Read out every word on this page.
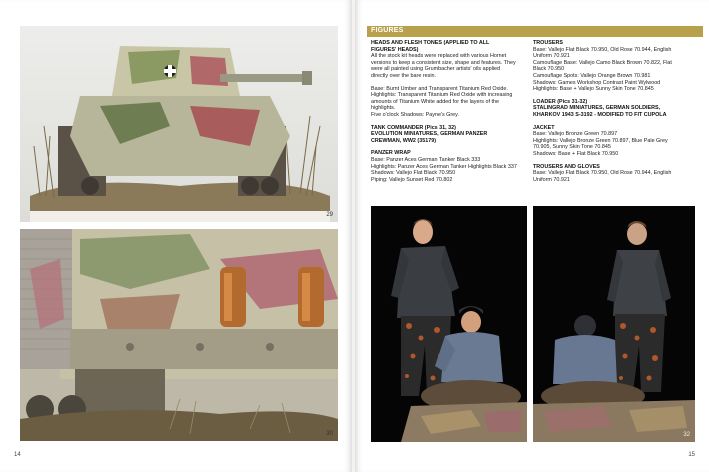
29
30
14
FIGURES

HEADS AND FLESH TONES (APPLIED TO ALL

FIGURES' HEADS)

All the stock kit heads were replaced with various Hornet

versions to keep a consistent size, shape and features. They

were all painted using Grumbacher artists' oils applied

directly over the bare resin.

Base: Burnt Umber and Transparent Titanium Red Oxide.

Highlights: Transparent Titanium Red Oxide with increasing

amounts of Titanium White added for the layers of the

highlights.

Five o'clock Shadows: Payne's Grey.

TANK COMMANDER (Pics 31, 32)

EVOLUTION MINIATURES, GERMAN PANZER

CREWMAN, WW2 (35179)

PANZER WRAP

Base: Panzer Aces German Tanker Black 333

Highlights: Panzer Aces German Tanker Highlights Black 337

Shadows: Vallejo Flat Black 70.950

Piping: Vallejo Sunset Red 70.802

TROUSERS

Base: Vallejo Flat Black 70.950, Old Rose 70.944, English

Uniform 70.921

Camouflage Base: Vallejo Camo Black Brown 70.822, Flat

Black 70.950

Camouflage Spots: Vallejo Orange Brown 70.981

Shadows: Games Workshop Contrast Paint Wylwood

Highlights: Base + Vallejo Sunny Skin Tone 70.845

LOADER (Pics 31-32)

STALINGRAD MINIATURES, GERMAN SOLDIERS,

KHARKOV 1943 S-3192 - MODIFIED TO FIT CUPOLA

JACKET

Base: Vallejo Bronze Green 70.897

Highlights: Vallejo Bronze Green 70.897, Blue Pale Grey

70.905, Sunny Skin Tone 70.845

Shadows: Base + Flat Black 70.950

TROUSERS AND GLOVES

Base: Vallejo Flat Black 70.950, Old Rose 70.944, English

Uniform 70.921

32
15
